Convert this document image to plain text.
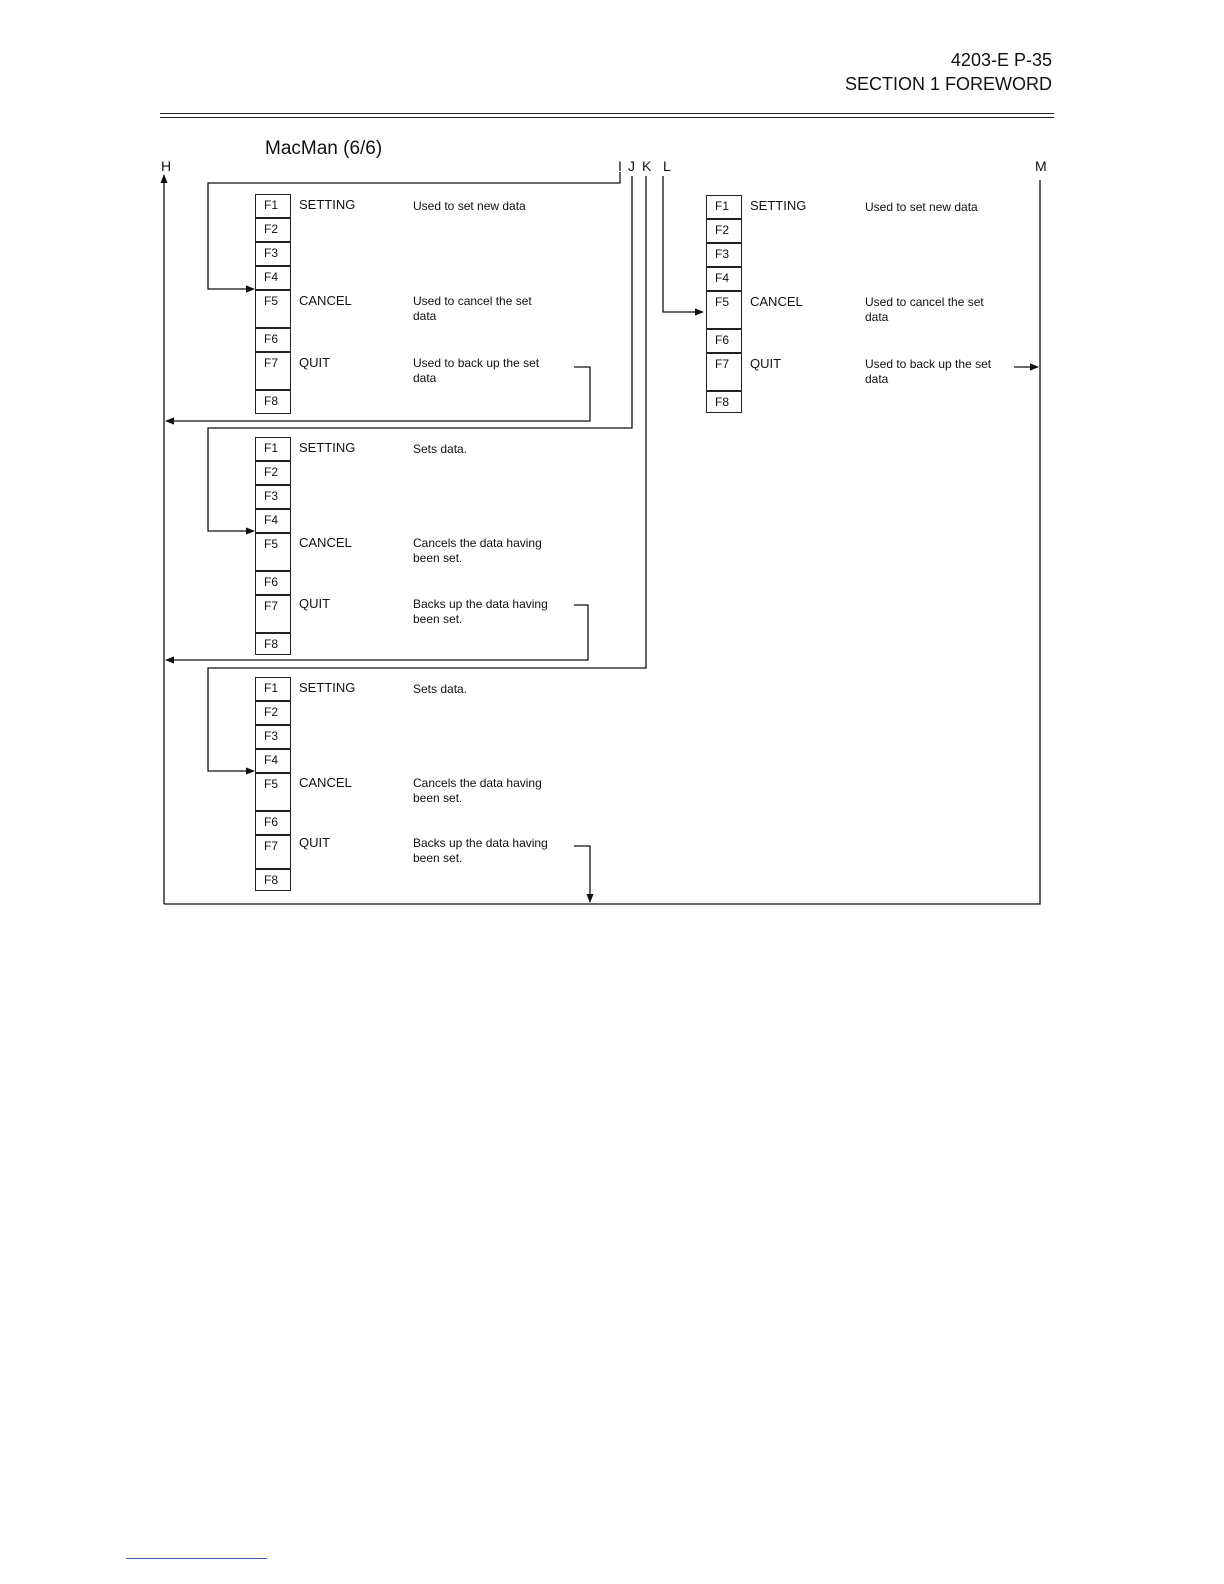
4203-E P-35
SECTION 1 FOREWORD
MacMan (6/6)
H	I J K L	M
F1
F2
F3
F4
F5
F6
F7
F8
SETTING	Used to set new data
CANCEL	Used to cancel the set data
QUIT	Used to back up the set data
F1
F2
F3
F4
F5
F6
F7
F8
SETTING	Sets data.
CANCEL	Cancels the data having been set.
QUIT	Backs up the data having been set.
F1
F2
F3
F4
F5
F6
F7
F8
SETTING	Sets data.
CANCEL	Cancels the data having been set.
QUIT	Backs up the data having been set.
F1
F2
F3
F4
F5
F6
F7
F8
SETTING	Used to set new data
CANCEL	Used to cancel the set data
QUIT	Used to back up the set data
